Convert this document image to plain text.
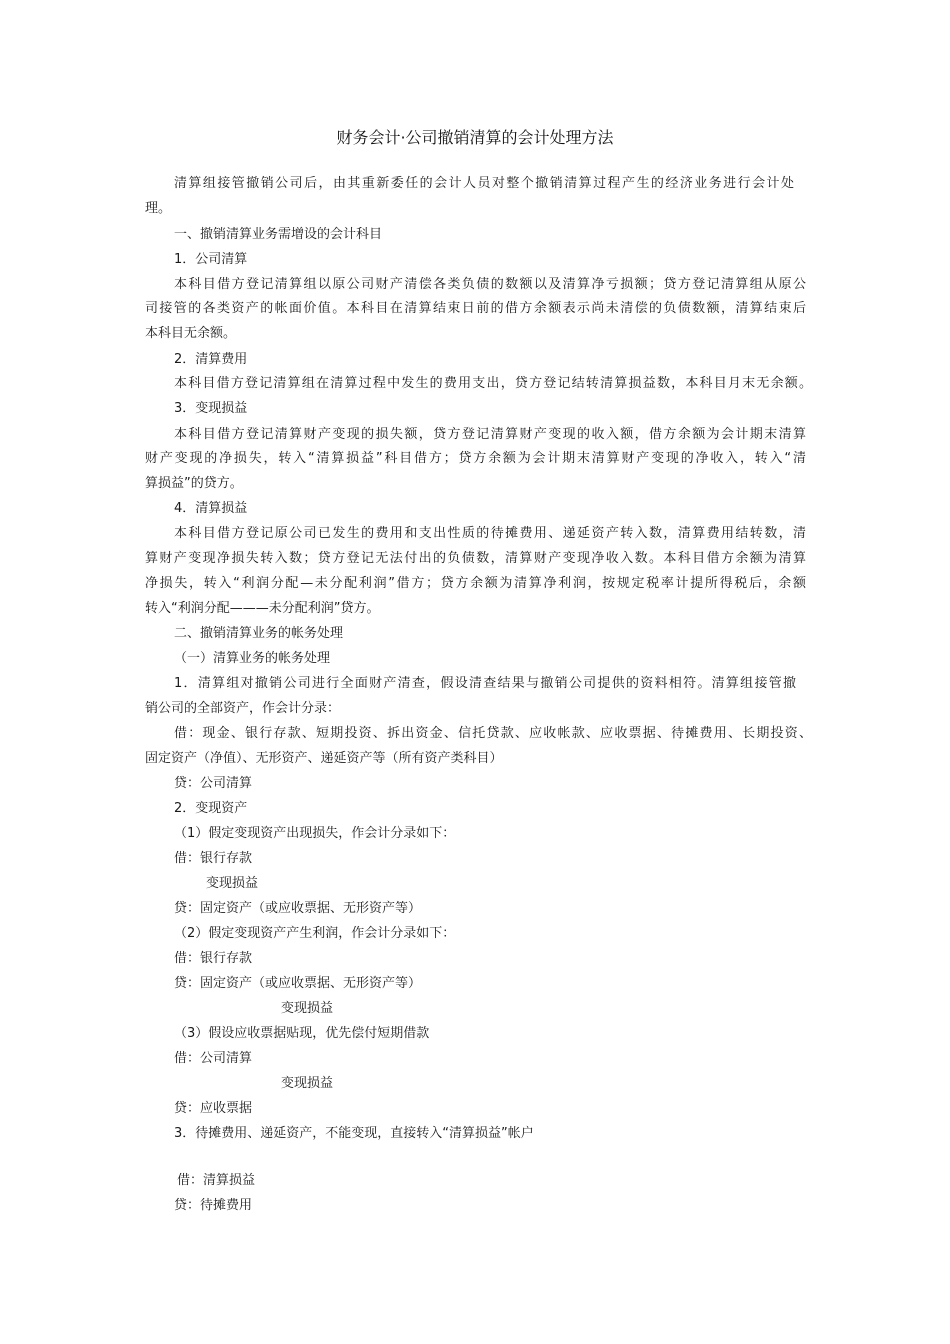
财务会计·公司撤销清算的会计处理方法
清算组接管撤销公司后，由其重新委任的会计人员对整个撤销清算过程产生的经济业务进行会计处
理。
一、撤销清算业务需增设的会计科目
1．公司清算
本科目借方登记清算组以原公司财产清偿各类负债的数额以及清算净亏损额；贷方登记清算组从原公
司接管的各类资产的帐面价值。本科目在清算结束日前的借方余额表示尚未清偿的负债数额，清算结束后
本科目无余额。
2．清算费用
本科目借方登记清算组在清算过程中发生的费用支出，贷方登记结转清算损益数，本科目月末无余额。
3．变现损益
本科目借方登记清算财产变现的损失额，贷方登记清算财产变现的收入额，借方余额为会计期末清算
财产变现的净损失，转入“清算损益”科目借方；贷方余额为会计期末清算财产变现的净收入，转入“清
算损益”的贷方。
4．清算损益
本科目借方登记原公司已发生的费用和支出性质的待摊费用、递延资产转入数，清算费用结转数，清
算财产变现净损失转入数；贷方登记无法付出的负债数，清算财产变现净收入数。本科目借方余额为清算
净损失，转入“利润分配—未分配利润”借方；贷方余额为清算净利润，按规定税率计提所得税后，余额
转入“利润分配———未分配利润”贷方。
二、撤销清算业务的帐务处理
（一）清算业务的帐务处理
1．清算组对撤销公司进行全面财产清查，假设清查结果与撤销公司提供的资料相符。清算组接管撤
销公司的全部资产，作会计分录：
借：现金、银行存款、短期投资、拆出资金、信托贷款、应收帐款、应收票据、待摊费用、长期投资、
固定资产（净值）、无形资产、递延资产等（所有资产类科目）
贷：公司清算
2．变现资产
（1）假定变现资产出现损失，作会计分录如下：
借：银行存款
变现损益
贷：固定资产（或应收票据、无形资产等）
（2）假定变现资产产生利润，作会计分录如下：
借：银行存款
贷：固定资产（或应收票据、无形资产等）
变现损益
（3）假设应收票据贴现，优先偿付短期借款
借：公司清算
变现损益
贷：应收票据
3．待摊费用、递延资产，不能变现，直接转入“清算损益”帐户
借：清算损益
贷：待摊费用
